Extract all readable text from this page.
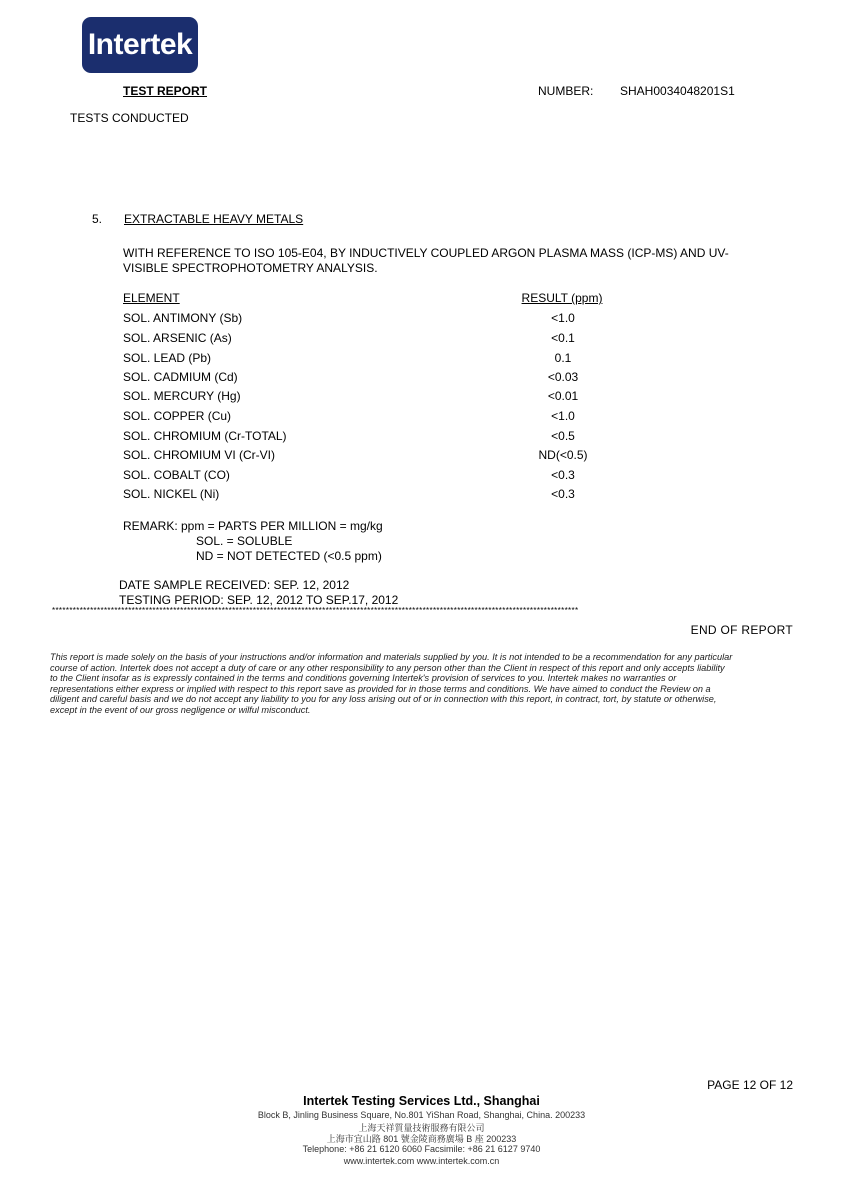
Intertek
TEST REPORT	NUMBER: SHAH0034048201S1
TESTS CONDUCTED
5. EXTRACTABLE HEAVY METALS
WITH REFERENCE TO ISO 105-E04, BY INDUCTIVELY COUPLED ARGON PLASMA MASS (ICP-MS) AND UV-
VISIBLE SPECTROPHOTOMETRY ANALYSIS.
ELEMENT	RESULT (ppm)
SOL. ANTIMONY (Sb)	<1.0
SOL. ARSENIC (As)	<0.1
SOL. LEAD (Pb)	0.1
SOL. CADMIUM (Cd)	<0.03
SOL. MERCURY (Hg)	<0.01
SOL. COPPER (Cu)	<1.0
SOL. CHROMIUM (Cr-TOTAL)	<0.5
SOL. CHROMIUM VI (Cr-VI)	ND(<0.5)
SOL. COBALT (CO)	<0.3
SOL. NICKEL (Ni)	<0.3
REMARK: ppm = PARTS PER MILLION = mg/kg
SOL. = SOLUBLE
ND = NOT DETECTED (<0.5 ppm)
DATE SAMPLE RECEIVED: SEP. 12, 2012
TESTING PERIOD: SEP. 12, 2012 TO SEP.17, 2012
********************************************************************************************************************************************************
END OF REPORT
This report is made solely on the basis of your instructions and/or information and materials supplied by you. It is not intended to be a recommendation for any particular
course of action. Intertek does not accept a duty of care or any other responsibility to any person other than the Client in respect of this report and only accepts liability
to the Client insofar as is expressly contained in the terms and conditions governing Intertek's provision of services to you. Intertek makes no warranties or
representations either express or implied with respect to this report save as provided for in those terms and conditions. We have aimed to conduct the Review on a
diligent and careful basis and we do not accept any liability to you for any loss arising out of or in connection with this report, in contract, tort, by statute or otherwise,
except in the event of our gross negligence or wilful misconduct.
PAGE 12 OF 12
Intertek Testing Services Ltd., Shanghai
Block B, Jinling Business Square, No.801 YiShan Road, Shanghai, China. 200233
上海天祥質量技術服務有限公司
上海市宜山路 801 號金陵商務廣場 B 座 200233
Telephone: +86 21 6120 6060 Facsimile: +86 21 6127 9740
www.intertek.com www.intertek.com.cn
